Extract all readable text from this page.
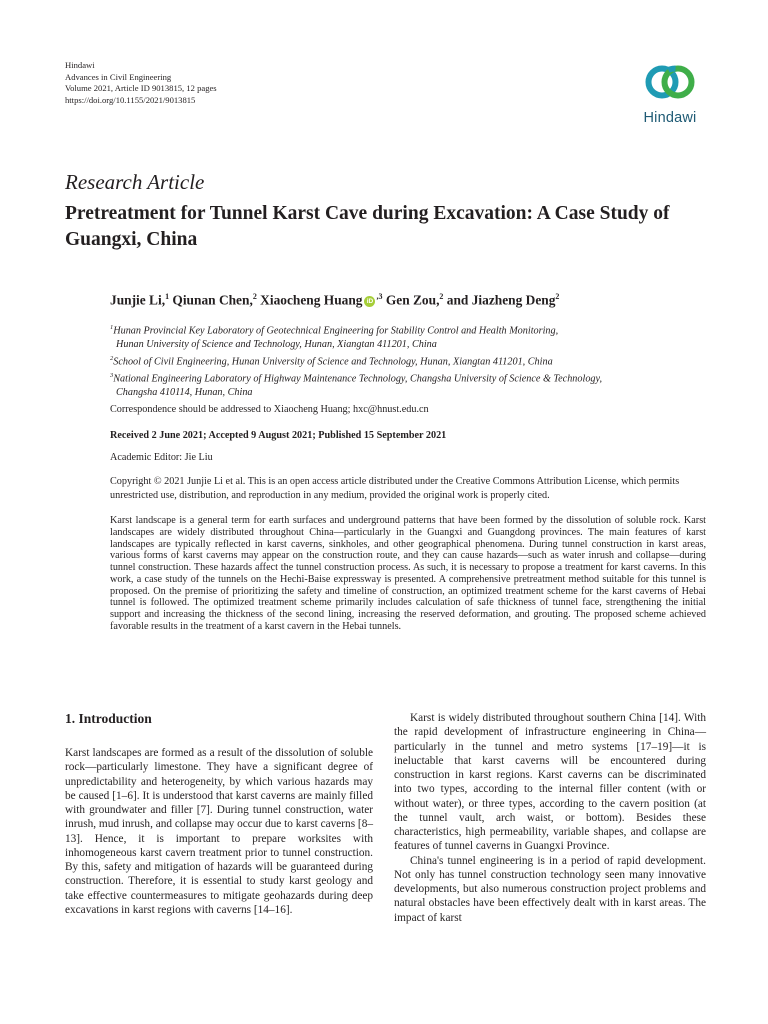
Hindawi
Advances in Civil Engineering
Volume 2021, Article ID 9013815, 12 pages
https://doi.org/10.1155/2021/9013815
Hindawi
Research Article
Pretreatment for Tunnel Karst Cave during Excavation: A Case Study of Guangxi, China
Junjie Li,$^1$ Qiunan Chen,$^2$ Xiaocheng Huang $iD^{,3}$ Gen Zou,$^2$ and Jiazheng Deng$^2$
$^1$Hunan Provincial Key Laboratory of Geotechnical Engineering for Stability Control and Health Monitoring,
Hunan University of Science and Technology, Hunan, Xiangtan 411201, China
$^2$School of Civil Engineering, Hunan University of Science and Technology, Hunan, Xiangtan 411201, China
$^3$National Engineering Laboratory of Highway Maintenance Technology, Changsha University of Science & Technology,
Changsha 410114, Hunan, China
Correspondence should be addressed to Xiaocheng Huang; hxc@hnust.edu.cn
Received 2 June 2021; Accepted 9 August 2021; Published 15 September 2021
Academic Editor: Jie Liu
Copyright © 2021 Junjie Li et al. This is an open access article distributed under the Creative Commons Attribution License, which permits unrestricted use, distribution, and reproduction in any medium, provided the original work is properly cited.

Karst landscape is a general term for earth surfaces and underground patterns that have been formed by the dissolution of soluble rock. Karst landscapes are widely distributed throughout China—particularly in the Guangxi and Guangdong provinces. The main features of karst landscapes are typically reflected in karst caverns, sinkholes, and other geographical phenomena. During tunnel construction in karst areas, various forms of karst caverns may appear on the construction route, and they can cause hazards—such as water inrush and collapse—during tunnel construction. These hazards affect the tunnel construction process. As such, it is necessary to propose a treatment for karst caverns. In this work, a case study of the tunnels on the Hechi-Baise expressway is presented. A comprehensive pretreatment method suitable for this tunnel is proposed. On the premise of prioritizing the safety and timeline of construction, an optimized treatment scheme for the karst caverns of Hebai tunnel is followed. The optimized treatment scheme primarily includes calculation of safe thickness of tunnel face, strengthening the initial support and increasing the thickness of the second lining, increasing the reserved deformation, and grouting. The proposed scheme achieved favorable results in the treatment of a karst cavern in the Hebai tunnels.

1. Introduction

Karst landscapes are formed as a result of the dissolution of soluble rock—particularly limestone. They have a significant degree of unpredictability and heterogeneity, by which various hazards may be caused [1–6]. It is understood that karst caverns are mainly filled with groundwater and filler [7]. During tunnel construction, water inrush, mud inrush, and collapse may occur due to karst caverns [8–13]. Hence, it is important to prepare worksites with inhomogeneous karst cavern treatment prior to tunnel construction. By this, safety and mitigation of hazards will be guaranteed during construction. Therefore, it is essential to study karst geology and take effective countermeasures to mitigate geohazards during deep excavations in karst regions with caverns [14–16].

Karst is widely distributed throughout southern China [14]. With the rapid development of infrastructure engineering in China—particularly in the tunnel and metro systems [17–19]—it is ineluctable that karst caverns will be encountered during construction in karst regions. Karst caverns can be discriminated into two types, according to the internal filler content (with or without water), or three types, according to the cavern position (at the tunnel vault, arch waist, or bottom). Besides these characteristics, high permeability, variable shapes, and collapse are features of tunnel caverns in Guangxi Province.

China's tunnel engineering is in a period of rapid development. Not only has tunnel construction technology seen many innovative developments, but also numerous construction project problems and natural obstacles have been effectively dealt with in karst areas. The impact of karst
